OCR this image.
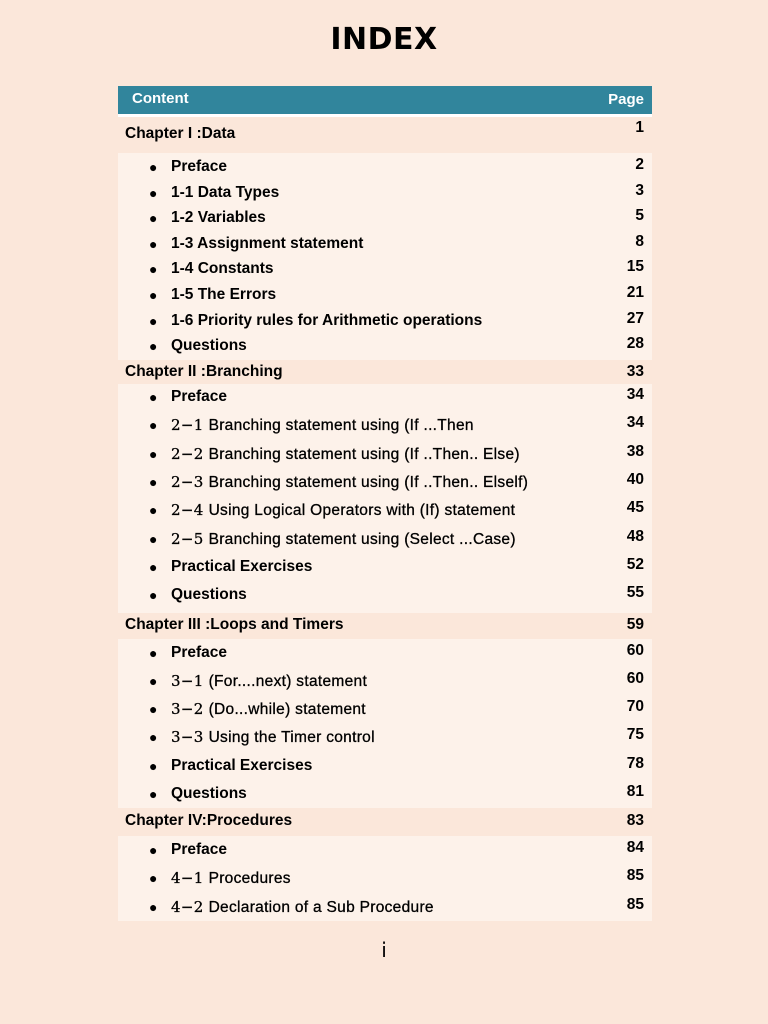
INDEX
Content	Page
Chapter I :Data	1
● Preface	2
● 1-1 Data Types	3
● 1-2 Variables	5
● 1-3 Assignment statement	8
● 1-4 Constants	15
● 1-5 The Errors	21
● 1-6 Priority rules for Arithmetic operations	27
● Questions	28
Chapter II :Branching	33
● Preface	34
● 2−1 Branching statement using (If ...Then	34
● 2−2 Branching statement using (If ..Then.. Else)	38
● 2−3 Branching statement using (If ..Then.. Elself)	40
● 2−4 Using Logical Operators with (If) statement	45
● 2−5 Branching statement using (Select ...Case)	48
● Practical Exercises	52
● Questions	55
Chapter III :Loops and Timers	59
● Preface	60
● 3−1 (For....next) statement	60
● 3−2 (Do...while) statement	70
● 3−3 Using the Timer control	75
● Practical Exercises	78
● Questions	81
Chapter IV:Procedures	83
● Preface	84
● 4−1 Procedures	85
● 4−2 Declaration of a Sub Procedure	85
i
